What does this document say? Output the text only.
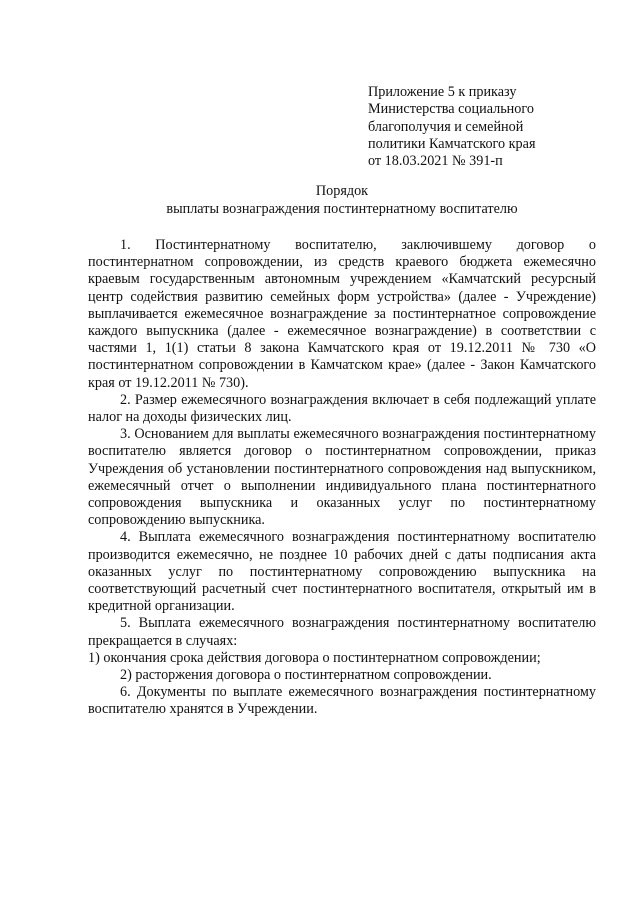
Приложение 5 к приказу
Министерства социального
благополучия и семейной
политики Камчатского края
от 18.03.2021 № 391-п
Порядок
выплаты вознаграждения постинтернатному воспитателю

1. Постинтернатному воспитателю, заключившему договор о постинтернатном сопровождении, из средств краевого бюджета ежемесячно краевым государственным автономным учреждением «Камчатский ресурсный центр содействия развитию семейных форм устройства» (далее - Учреждение) выплачивается ежемесячное вознаграждение за постинтернатное сопровождение каждого выпускника (далее - ежемесячное вознаграждение) в соответствии с частями 1, 1(1) статьи 8 закона Камчатского края от 19.12.2011 № 730 «О постинтернатном сопровождении в Камчатском крае» (далее - Закон Камчатского края от 19.12.2011 № 730).

2. Размер ежемесячного вознаграждения включает в себя подлежащий уплате налог на доходы физических лиц.

3. Основанием для выплаты ежемесячного вознаграждения постинтернатному воспитателю является договор о постинтернатном сопровождении, приказ Учреждения об установлении постинтернатного сопровождения над выпускником, ежемесячный отчет о выполнении индивидуального плана постинтернатного сопровождения выпускника и оказанных услуг по постинтернатному сопровождению выпускника.

4. Выплата ежемесячного вознаграждения постинтернатному воспитателю производится ежемесячно, не позднее 10 рабочих дней с даты подписания акта оказанных услуг по постинтернатному сопровождению выпускника на соответствующий расчетный счет постинтернатного воспитателя, открытый им в кредитной организации.

5. Выплата ежемесячного вознаграждения постинтернатному воспитателю прекращается в случаях:

1) окончания срока действия договора о постинтернатном сопровождении;

2) расторжения договора о постинтернатном сопровождении.

6. Документы по выплате ежемесячного вознаграждения постинтернатному воспитателю хранятся в Учреждении.
